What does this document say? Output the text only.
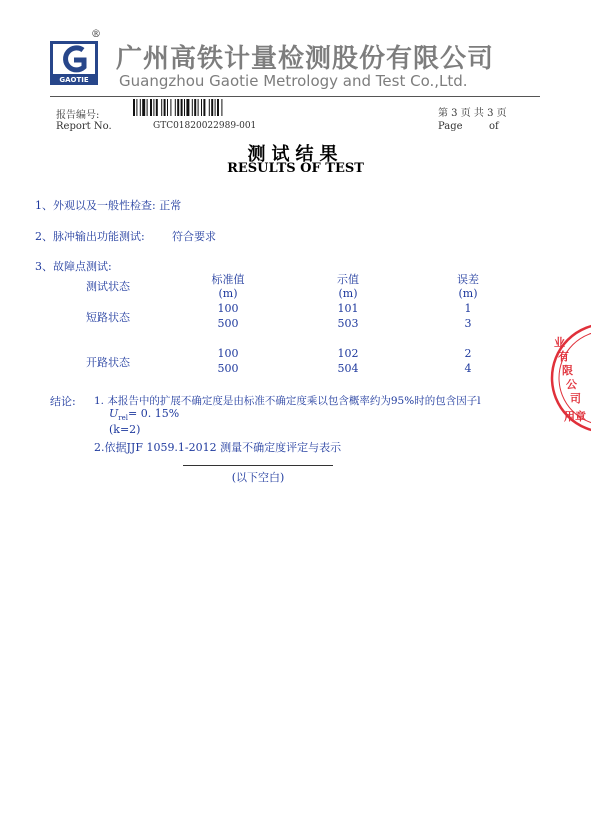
GAOTIE
®
广州高铁计量检测股份有限公司
Guangzhou Gaotie Metrology and Test Co.,Ltd.
报告编号:
Report No.	GTC01820022989-001
第 3 页 共 3 页
Page	of
测试结果
RESULTS OF TEST
1、外观以及一般性检查: 正常
2、脉冲输出功能测试: 符合要求
3、故障点测试:
测试状态
标准值	示值	误差
(m)	(m)	(m)
短路状态
100	101	1
500	503	3
开路状态
100	102	2
500	504	4
结论: 1. 本报告中的扩展不确定度是由标准不确定度乘以包含概率约为95%时的包含因子l
$U_{rel}= 0$. 15%
(k=2)
2.依据JJF 1059.1-2012 测量不确定度评定与表示
(以下空白)
业有限 公司用章
